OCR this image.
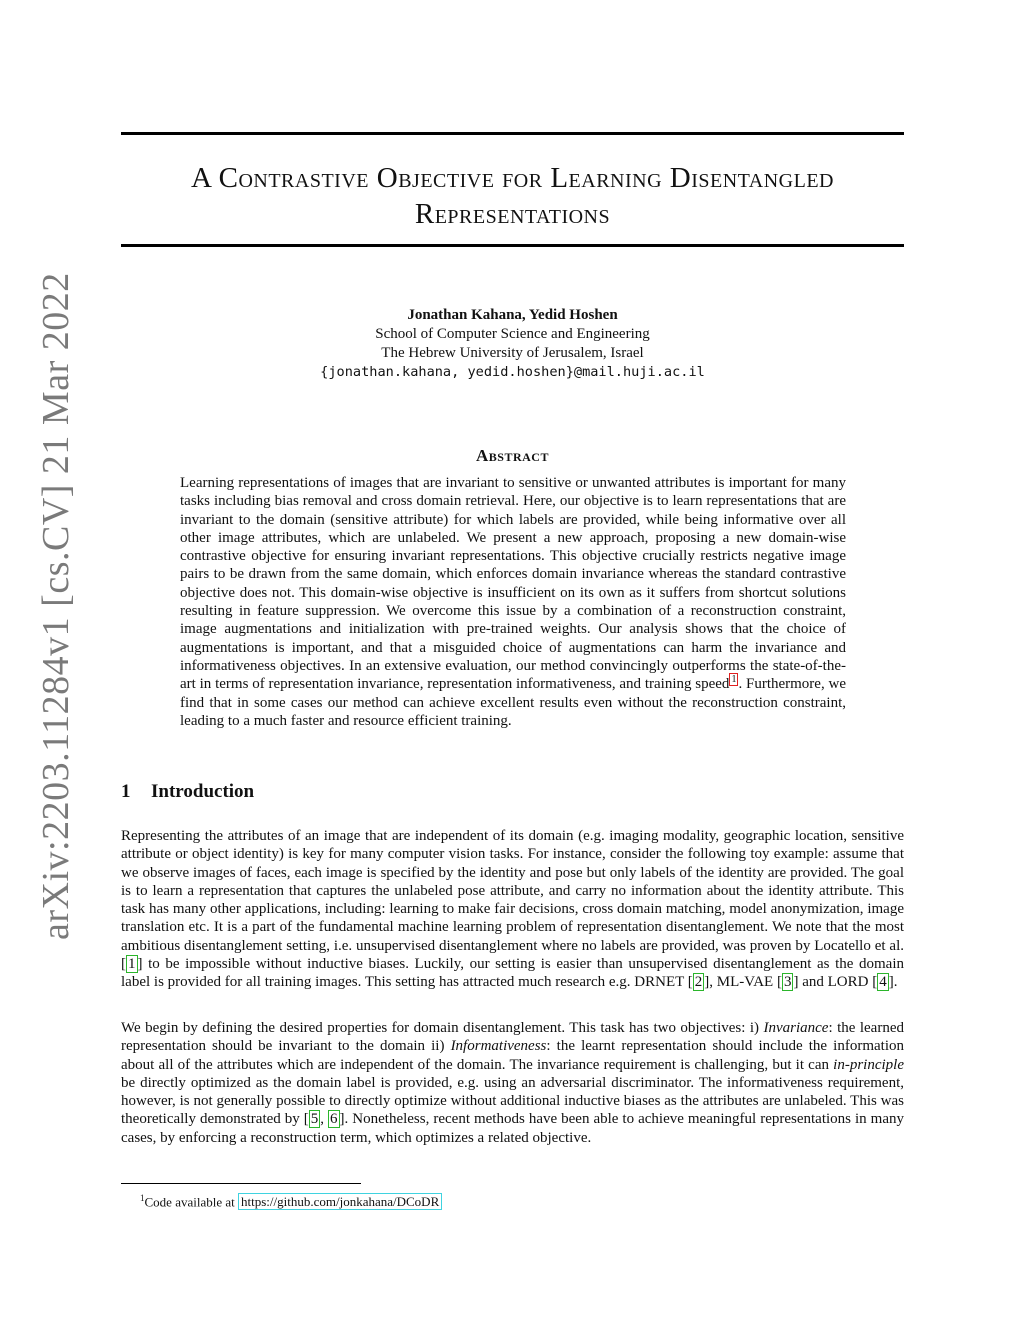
A Contrastive Objective for Learning Disentangled
Representations
arXiv:2203.11284v1 [cs.CV] 21 Mar 2022	Jonathan Kahana, Yedid Hoshen
School of Computer Science and Engineering
The Hebrew University of Jerusalem, Israel
{jonathan.kahana, yedid.hoshen}@mail.huji.ac.il
Abstract
Learning representations of images that are invariant to sensitive or unwanted attributes is important for many tasks including bias removal and cross domain retrieval. Here, our objective is to learn representations that are invariant to the domain (sensitive attribute) for which labels are provided, while being informative over all other image attributes, which are unlabeled. We present a new approach, proposing a new domain-wise contrastive objective for ensuring invariant representations. This objective crucially restricts negative image pairs to be drawn from the same domain, which enforces domain invariance whereas the standard contrastive objective does not. This domain-wise objective is insufficient on its own as it suffers from shortcut solutions resulting in feature suppression. We overcome this issue by a combination of a reconstruction constraint, image augmentations and initialization with pre-trained weights. Our analysis shows that the choice of augmentations is important, and that a misguided choice of augmentations can harm the invariance and informativeness objectives. In an extensive evaluation, our method convincingly outperforms the state-of-the-art in terms of representation invariance, representation informativeness, and training speed $^1$ . Furthermore, we find that in some cases our method can achieve excellent results even without the reconstruction constraint, leading to a much faster and resource efficient training.
1 Introduction
Representing the attributes of an image that are independent of its domain (e.g. imaging modality, geographic location, sensitive attribute or object identity) is key for many computer vision tasks. For instance, consider the following toy example: assume that we observe images of faces, each image is specified by the identity and pose but only labels of the identity are provided. The goal is to learn a representation that captures the unlabeled pose attribute, and carry no information about the identity attribute. This task has many other applications, including: learning to make fair decisions, cross domain matching, model anonymization, image translation etc. It is a part of the fundamental machine learning problem of representation disentanglement. We note that the most ambitious disentanglement setting, i.e. unsupervised disentanglement where no labels are provided, was proven by Locatello et al. [ 1 ] to be impossible without inductive biases. Luckily, our setting is easier than unsupervised disentanglement as the domain label is provided for all training images. This setting has attracted much research e.g. DRNET [ 2 ], ML-VAE [ 3 ] and LORD [ 4 ].
We begin by defining the desired properties for domain disentanglement. This task has two objectives: i) Invariance: the learned representation should be invariant to the domain ii) Informativeness: the learnt representation should include the information about all of the attributes which are independent of the domain. The invariance requirement is challenging, but it can in-principle be directly optimized as the domain label is provided, e.g. using an adversarial discriminator. The informativeness requirement, however, is not generally possible to directly optimize without additional inductive biases as the attributes are unlabeled. This was theoretically demonstrated by [ 5 , 6 ]. Nonetheless, recent methods have been able to achieve meaningful representations in many cases, by enforcing a reconstruction term, which optimizes a related objective.
$^1$Code available at https://github.com/jonkahana/DCoDR
